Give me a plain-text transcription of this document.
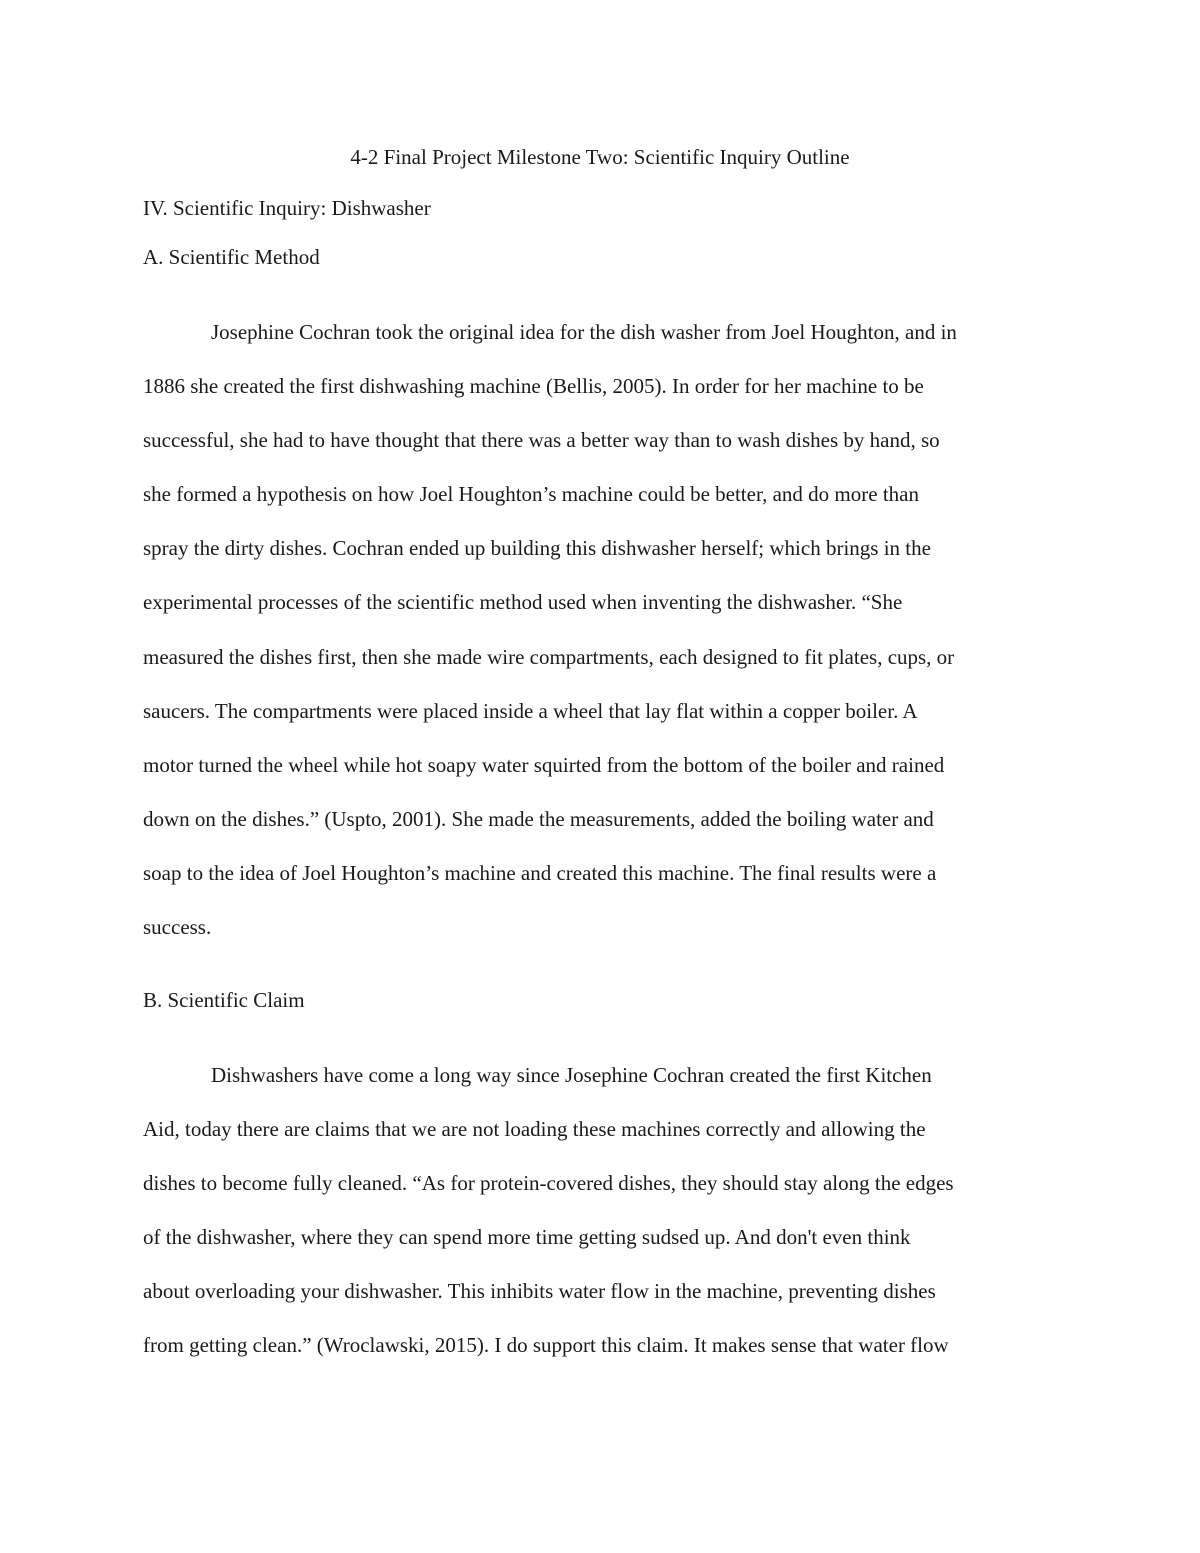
4-2 Final Project Milestone Two: Scientific Inquiry Outline
IV. Scientific Inquiry: Dishwasher
A. Scientific Method

Josephine Cochran took the original idea for the dish washer from Joel Houghton, and in

1886 she created the first dishwashing machine (Bellis, 2005). In order for her machine to be

successful, she had to have thought that there was a better way than to wash dishes by hand, so

she formed a hypothesis on how Joel Houghton’s machine could be better, and do more than

spray the dirty dishes. Cochran ended up building this dishwasher herself; which brings in the

experimental processes of the scientific method used when inventing the dishwasher. “She

measured the dishes first, then she made wire compartments, each designed to fit plates, cups, or

saucers. The compartments were placed inside a wheel that lay flat within a copper boiler. A

motor turned the wheel while hot soapy water squirted from the bottom of the boiler and rained

down on the dishes.” (Uspto, 2001). She made the measurements, added the boiling water and

soap to the idea of Joel Houghton’s machine and created this machine. The final results were a

success.

B. Scientific Claim

Dishwashers have come a long way since Josephine Cochran created the first Kitchen

Aid, today there are claims that we are not loading these machines correctly and allowing the

dishes to become fully cleaned. “As for protein-covered dishes, they should stay along the edges

of the dishwasher, where they can spend more time getting sudsed up. And don't even think

about overloading your dishwasher. This inhibits water flow in the machine, preventing dishes

from getting clean.” (Wroclawski, 2015). I do support this claim. It makes sense that water flow
